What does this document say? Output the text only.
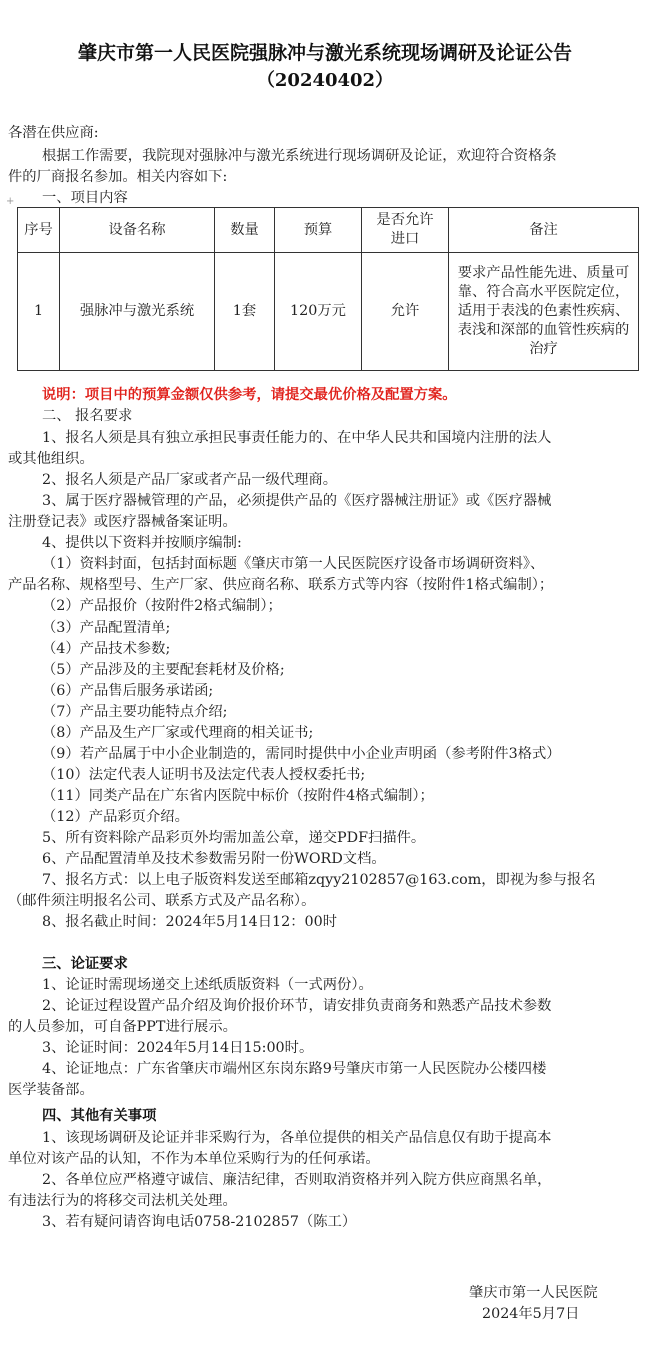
肇庆市第一人民医院强脉冲与激光系统现场调研及论证公告
（20240402）
各潜在供应商:
根据工作需要，我院现对强脉冲与激光系统进行现场调研及论证，欢迎符合资格条
件的厂商报名参加。相关内容如下:
一、项目内容
+
序号	设备名称	数量	预算	是否允许进口	备注
1	强脉冲与激光系统	1套	120万元	允许	要求产品性能先进、质量可靠、符合高水平医院定位，适用于表浅的色素性疾病、表浅和深部的血管性疾病的治疗
说明：项目中的预算金额仅供参考，请提交最优价格及配置方案。
二、 报名要求
1、报名人须是具有独立承担民事责任能力的、在中华人民共和国境内注册的法人
或其他组织。
2、报名人须是产品厂家或者产品一级代理商。
3、属于医疗器械管理的产品，必须提供产品的《医疗器械注册证》或《医疗器械
注册登记表》或医疗器械备案证明。
4、提供以下资料并按顺序编制:
（1）资料封面，包括封面标题《肇庆市第一人民医院医疗设备市场调研资料》、
产品名称、规格型号、生产厂家、供应商名称、联系方式等内容（按附件1格式编制）；
（2）产品报价（按附件2格式编制）；
（3）产品配置清单;
（4）产品技术参数;
（5）产品涉及的主要配套耗材及价格;
（6）产品售后服务承诺函;
（7）产品主要功能特点介绍;
（8）产品及生产厂家或代理商的相关证书;
（9）若产品属于中小企业制造的，需同时提供中小企业声明函（参考附件3格式）
（10）法定代表人证明书及法定代表人授权委托书;
（11）同类产品在广东省内医院中标价（按附件4格式编制）；
（12）产品彩页介绍。
5、所有资料除产品彩页外均需加盖公章，递交PDF扫描件。
6、产品配置清单及技术参数需另附一份WORD文档。
7、报名方式：以上电子版资料发送至邮箱zqyy2102857@163.com，即视为参与报名
（邮件须注明报名公司、联系方式及产品名称）。
8、报名截止时间：2024年5月14日12：00时
三、论证要求
1、论证时需现场递交上述纸质版资料（一式两份）。
2、论证过程设置产品介绍及询价报价环节，请安排负责商务和熟悉产品技术参数
的人员参加，可自备PPT进行展示。
3、论证时间：2024年5月14日15:00时。
4、论证地点：广东省肇庆市端州区东岗东路9号肇庆市第一人民医院办公楼四楼
医学装备部。
四、其他有关事项
1、该现场调研及论证并非采购行为，各单位提供的相关产品信息仅有助于提高本
单位对该产品的认知，不作为本单位采购行为的任何承诺。
2、各单位应严格遵守诚信、廉洁纪律，否则取消资格并列入院方供应商黑名单，
有违法行为的将移交司法机关处理。
3、若有疑问请咨询电话0758-2102857（陈工）
肇庆市第一人民医院
2024年5月7日
